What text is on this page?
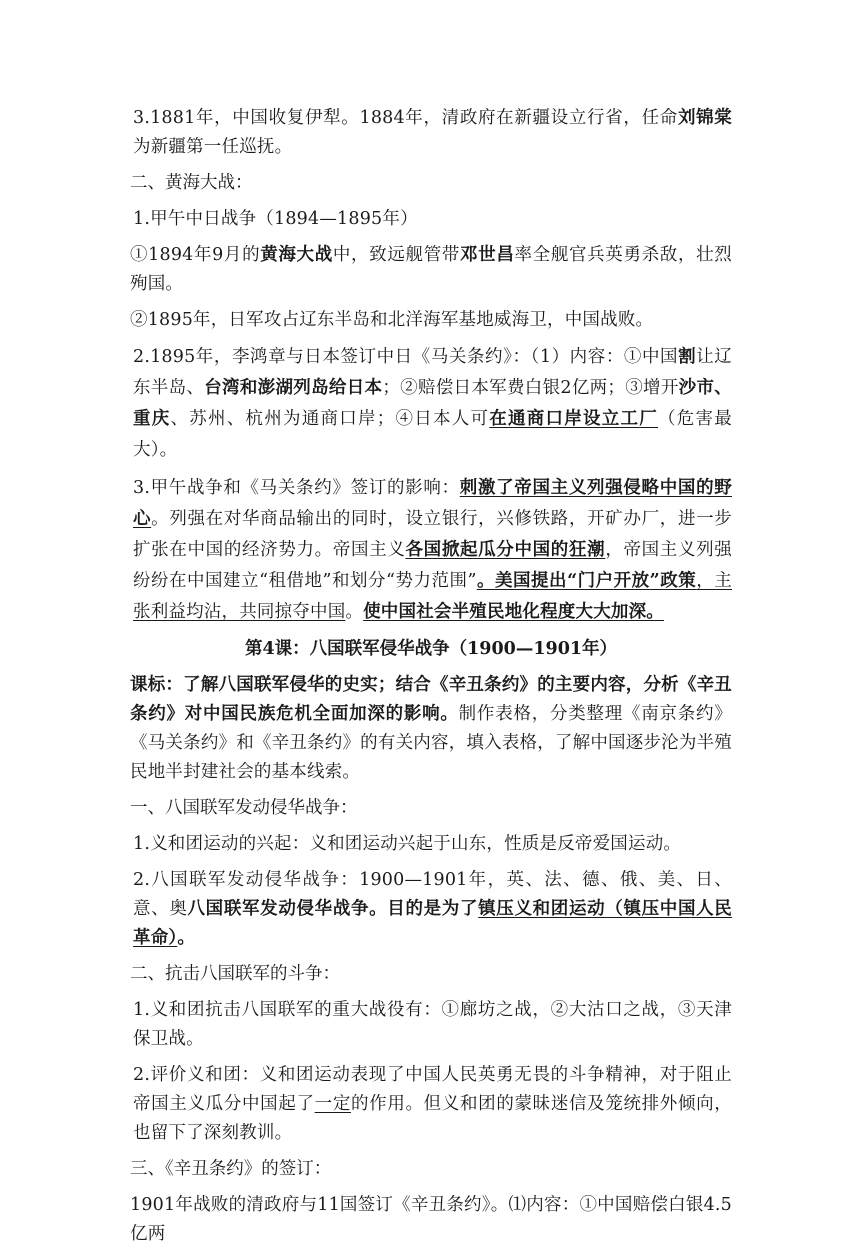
3.1881年，中国收复伊犁。1884年，清政府在新疆设立行省，任命刘锦棠为新疆第一任巡抚。

二、黄海大战：

1.甲午中日战争（1894—1895年）

①1894年9月的黄海大战中，致远舰管带邓世昌率全舰官兵英勇杀敌，壮烈殉国。

②1895年，日军攻占辽东半岛和北洋海军基地威海卫，中国战败。

2.1895年，李鸿章与日本签订中日《马关条约》：（1）内容：①中国割让辽东半岛、台湾和澎湖列岛给日本；②赔偿日本军费白银2亿两；③增开沙市、重庆、苏州、杭州为通商口岸；④日本人可在通商口岸设立工厂（危害最大）。

3.甲午战争和《马关条约》签订的影响：刺激了帝国主义列强侵略中国的野心。列强在对华商品输出的同时，设立银行，兴修铁路，开矿办厂，进一步扩张在中国的经济势力。帝国主义各国掀起瓜分中国的狂潮，帝国主义列强纷纷在中国建立“租借地”和划分“势力范围”。美国提出“门户开放”政策，主张利益均沾，共同掠夺中国。使中国社会半殖民地化程度大大加深。

第4课：八国联军侵华战争（1900—1901年）

课标：了解八国联军侵华的史实；结合《辛丑条约》的主要内容，分析《辛丑条约》对中国民族危机全面加深的影响。制作表格，分类整理《南京条约》《马关条约》和《辛丑条约》的有关内容，填入表格，了解中国逐步沦为半殖民地半封建社会的基本线索。

一、八国联军发动侵华战争：

1.义和团运动的兴起：义和团运动兴起于山东，性质是反帝爱国运动。

2.八国联军发动侵华战争：1900—1901年，英、法、德、俄、美、日、意、奥八国联军发动侵华战争。目的是为了镇压义和团运动（镇压中国人民革命）。

二、抗击八国联军的斗争：

1.义和团抗击八国联军的重大战役有：①廊坊之战，②大沽口之战，③天津保卫战。

2.评价义和团：义和团运动表现了中国人民英勇无畏的斗争精神，对于阻止帝国主义瓜分中国起了一定的作用。但义和团的蒙昧迷信及笼统排外倾向，也留下了深刻教训。

三、《辛丑条约》的签订：

1901年战败的清政府与11国签订《辛丑条约》。⑴内容：①中国赔偿白银4.5亿两
